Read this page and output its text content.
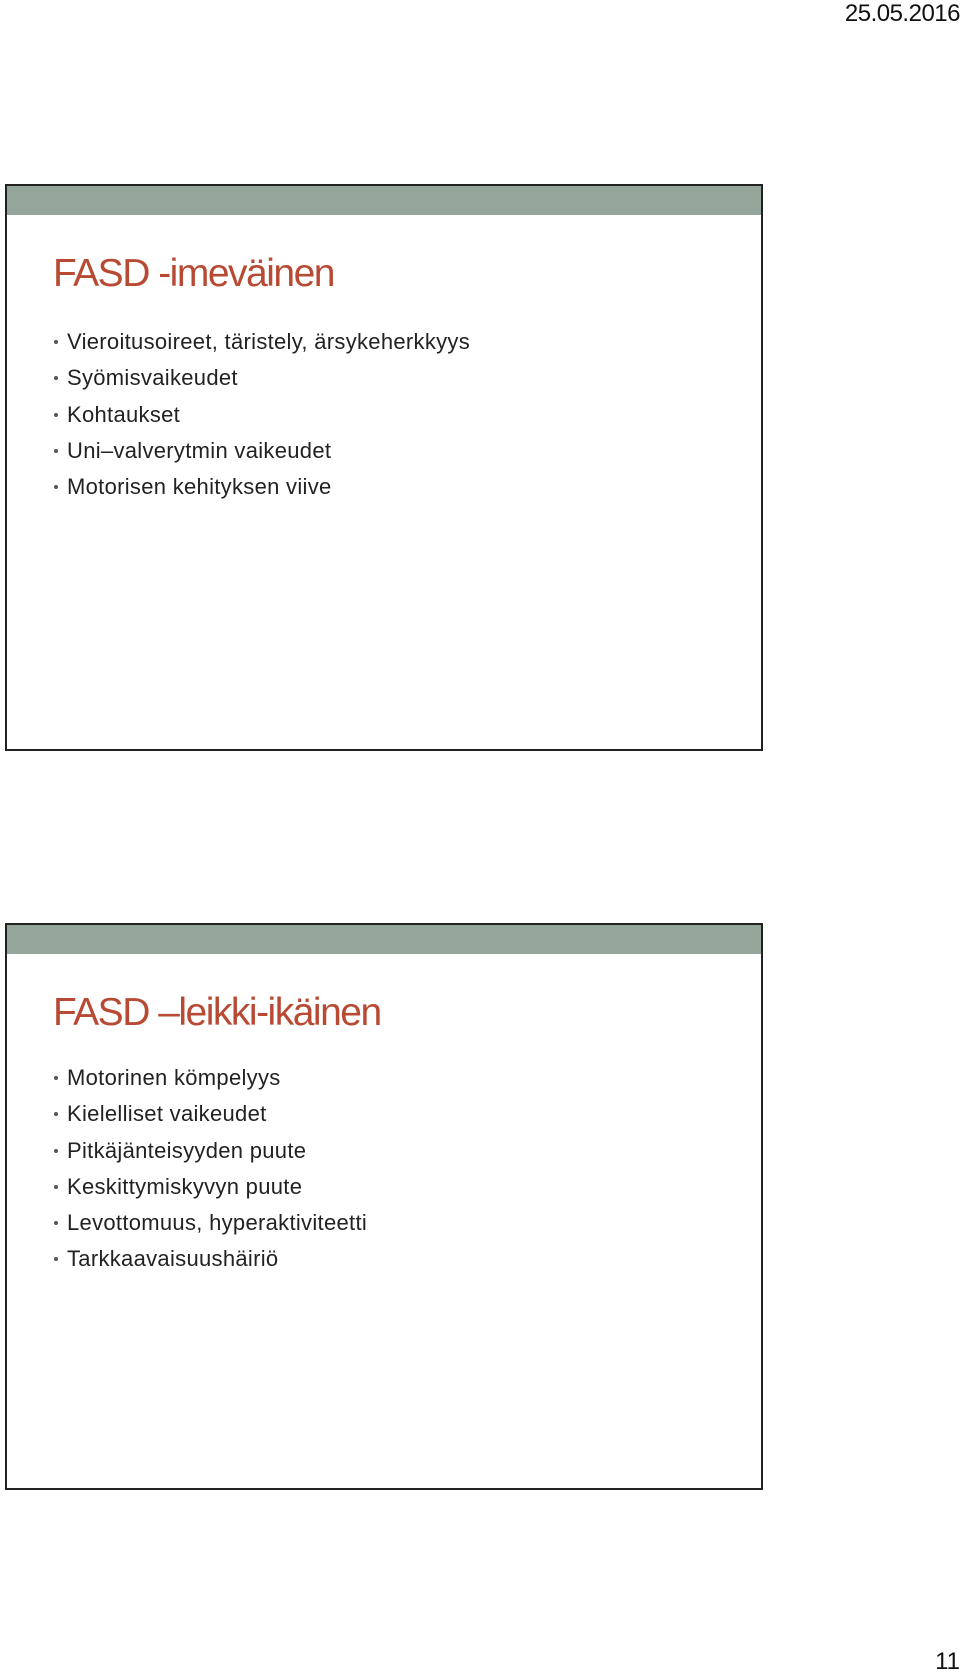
25.05.2016
FASD -imeväinen
Vieroitusoireet, täristely, ärsykeherkkyys
Syömisvaikeudet
Kohtaukset
Uni–valverytmin vaikeudet
Motorisen kehityksen viive
FASD –leikki-ikäinen
Motorinen kömpelyys
Kielelliset vaikeudet
Pitkäjänteisyyden puute
Keskittymiskyvyn puute
Levottomuus, hyperaktiviteetti
Tarkkaavaisuushäiriö
11
